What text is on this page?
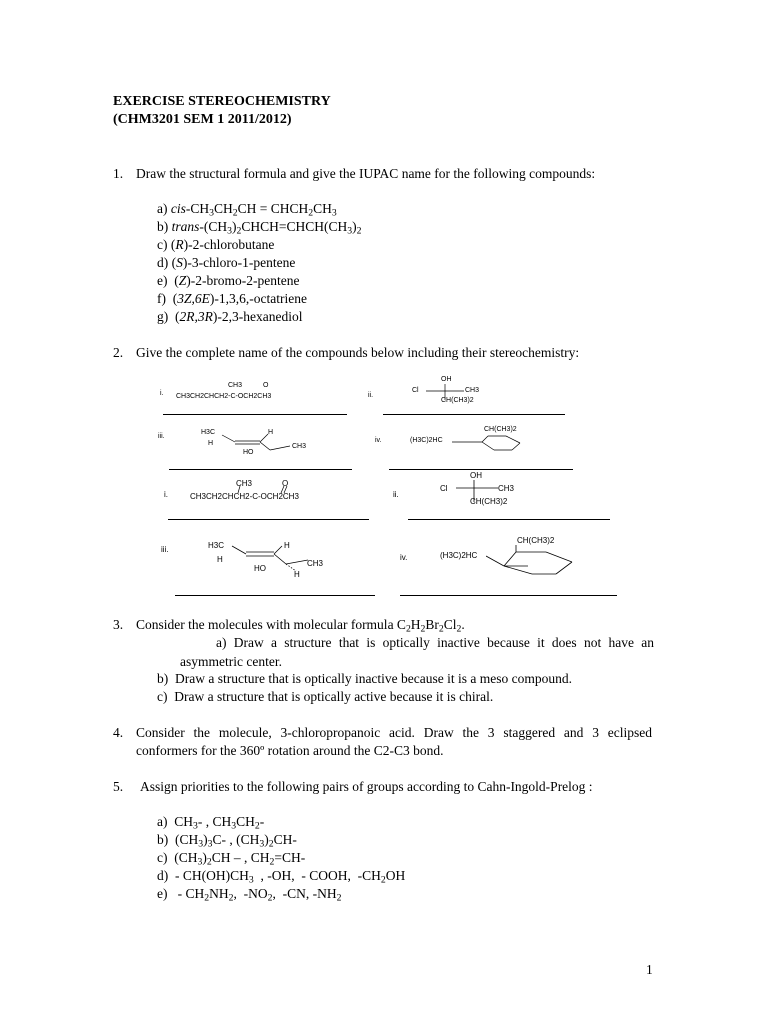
EXERCISE STEREOCHEMISTRY
(CHM3201 SEM 1 2011/2012)
1. Draw the structural formula and give the IUPAC name for the following compounds:
a) cis-$CH_3CH_2CH$ = $CHCH_2CH_3$
b) trans-$(CH_3)_2CHCH=CHCH(CH_3)_2$
c) (R)-2-chlorobutane
d) (S)-3-chloro-1-pentene
e)  (Z)-2-bromo-2-pentene
f)  (3Z,6E)-1,3,6,-octatriene
g)  (2R,3R)-2,3-hexanediol
2. Give the complete name of the compounds below including their stereochemistry:
i.
CH3	O
CH3CH2CHCH2-C-OCH2CH3	ii.
OH
Cl	CH3
CH(CH3)2
iii.
H3C
H
H
HO
CH3
iv.
CH(CH3)2
(H3C)2HC
i.
CH3	O
CH3CH2CHCH2-C-OCH2CH3	ii.
OH
Cl	CH3
CH(CH3)2
iii.	H3C
H
H
HO
CH3
H
iv.
CH(CH3)2
(H3C)2HC
3. Consider the molecules with molecular formula $C_2H_2Br_2Cl_2$.
a) Draw a structure that is optically inactive because it does not have an
asymmetric center.
b) Draw a structure that is optically inactive because it is a meso compound.
c) Draw a structure that is optically active because it is chiral.
4. Consider the molecule, 3-chloropropanoic acid. Draw the 3 staggered and 3 eclipsed
conformers for the 360º rotation around the C2-C3 bond.
5. Assign priorities to the following pairs of groups according to Cahn-Ingold-Prelog :
a)  $CH_3-$ , $CH_3CH_2-$
b)  $(CH_3)_3C-$ , $(CH_3)_2CH-$
c)  $(CH_3)_2CH$ – , $CH_2=CH-$
$d) - CH(OH)CH_3$  , -OH,  - COOH,  $-CH_2OH$
$e) - CH_2NH_2$,  $-NO_2$,  -CN, $-NH_2$
1
